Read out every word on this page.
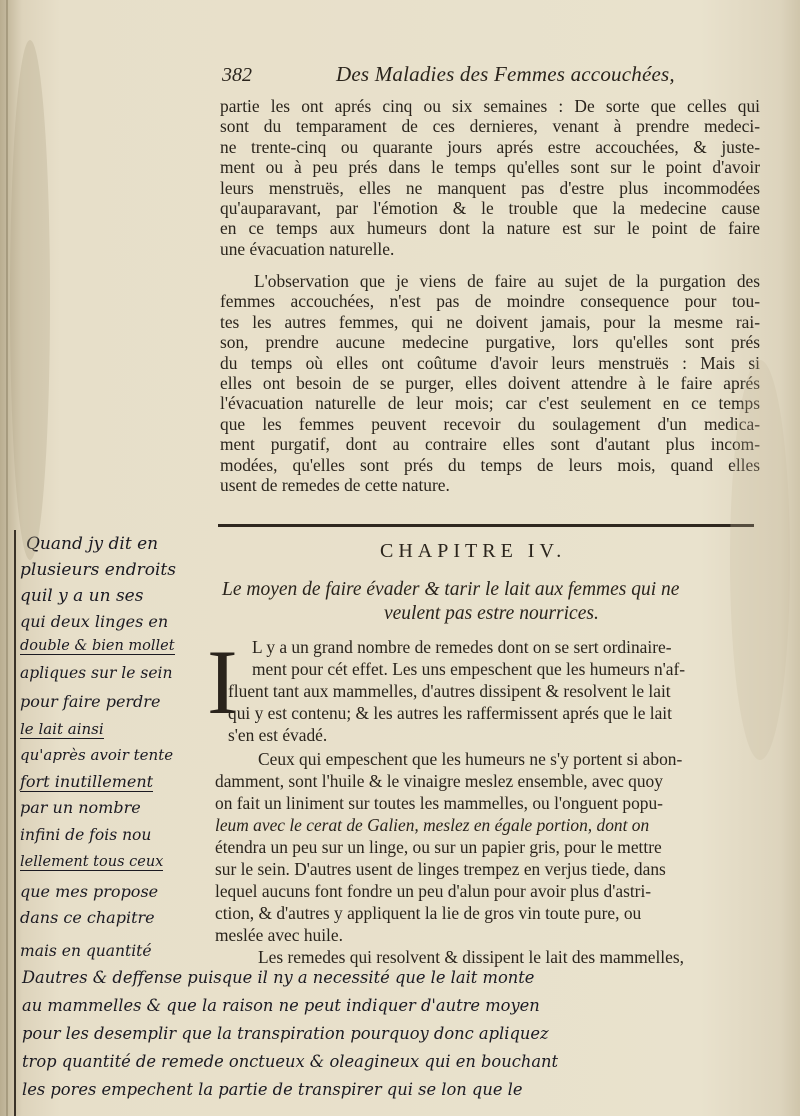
382	Des Maladies des Femmes accouchées,
partie les ont aprés cinq ou six semaines : De sorte que celles qui
sont du temparament de ces dernieres, venant à prendre medeci-
ne trente-cinq ou quarante jours aprés estre accouchées, & juste-
ment ou à peu prés dans le temps qu'elles sont sur le point d'avoir
leurs menstruës, elles ne manquent pas d'estre plus incommodées
qu'auparavant, par l'émotion & le trouble que la medecine cause
en ce temps aux humeurs dont la nature est sur le point de faire
une évacuation naturelle.
L'observation que je viens de faire au sujet de la purgation des
femmes accouchées, n'est pas de moindre consequence pour tou-
tes les autres femmes, qui ne doivent jamais, pour la mesme rai-
son, prendre aucune medecine purgative, lors qu'elles sont prés
du temps où elles ont coûtume d'avoir leurs menstruës : Mais si
elles ont besoin de se purger, elles doivent attendre à le faire aprés
l'évacuation naturelle de leur mois; car c'est seulement en ce temps
que les femmes peuvent recevoir du soulagement d'un medica-
ment purgatif, dont au contraire elles sont d'autant plus incom-
modées, qu'elles sont prés du temps de leurs mois, quand elles
usent de remedes de cette nature.
CHAPITRE IV.
Le moyen de faire évader & tarir le lait aux femmes qui ne
veulent pas estre nourrices.
I L y a un grand nombre de remedes dont on se sert ordinaire-
ment pour cét effet. Les uns empeschent que les humeurs n'af-
fluent tant aux mammelles, d'autres dissipent & resolvent le lait
qui y est contenu; & les autres les raffermissent aprés que le lait
s'en est évadé.
Ceux qui empeschent que les humeurs ne s'y portent si abon-
damment, sont l'huile & le vinaigre meslez ensemble, avec quoy
on fait un liniment sur toutes les mammelles, ou l'onguent popu-
leum avec le cerat de Galien, meslez en égale portion, dont on
étendra un peu sur un linge, ou sur un papier gris, pour le mettre
sur le sein. D'autres usent de linges trempez en verjus tiede, dans
lequel aucuns font fondre un peu d'alun pour avoir plus d'astri-
ction, & d'autres y appliquent la lie de gros vin toute pure, ou
meslée avec huile.
Les remedes qui resolvent & dissipent le lait des mammelles,
Quand jy dit en
plusieurs endroits
quil y a un ses
qui deux linges en
double & bien mollet
apliques sur le sein
pour faire perdre
le lait ainsi
qu'après avoir tente
fort inutillement
par un nombre
infini de fois nou
lellement tous ceux
que mes propose
dans ce chapitre
mais en quantité
Dautres & deffense puisque il ny a necessité que le lait monte
au mammelles & que la raison ne peut indiquer d'autre moyen
pour les desemplir que la transpiration pourquoy donc apliquez
trop quantité de remede onctueux & oleagineux qui en bouchant
les pores empechent la partie de transpirer qui se lon que le
